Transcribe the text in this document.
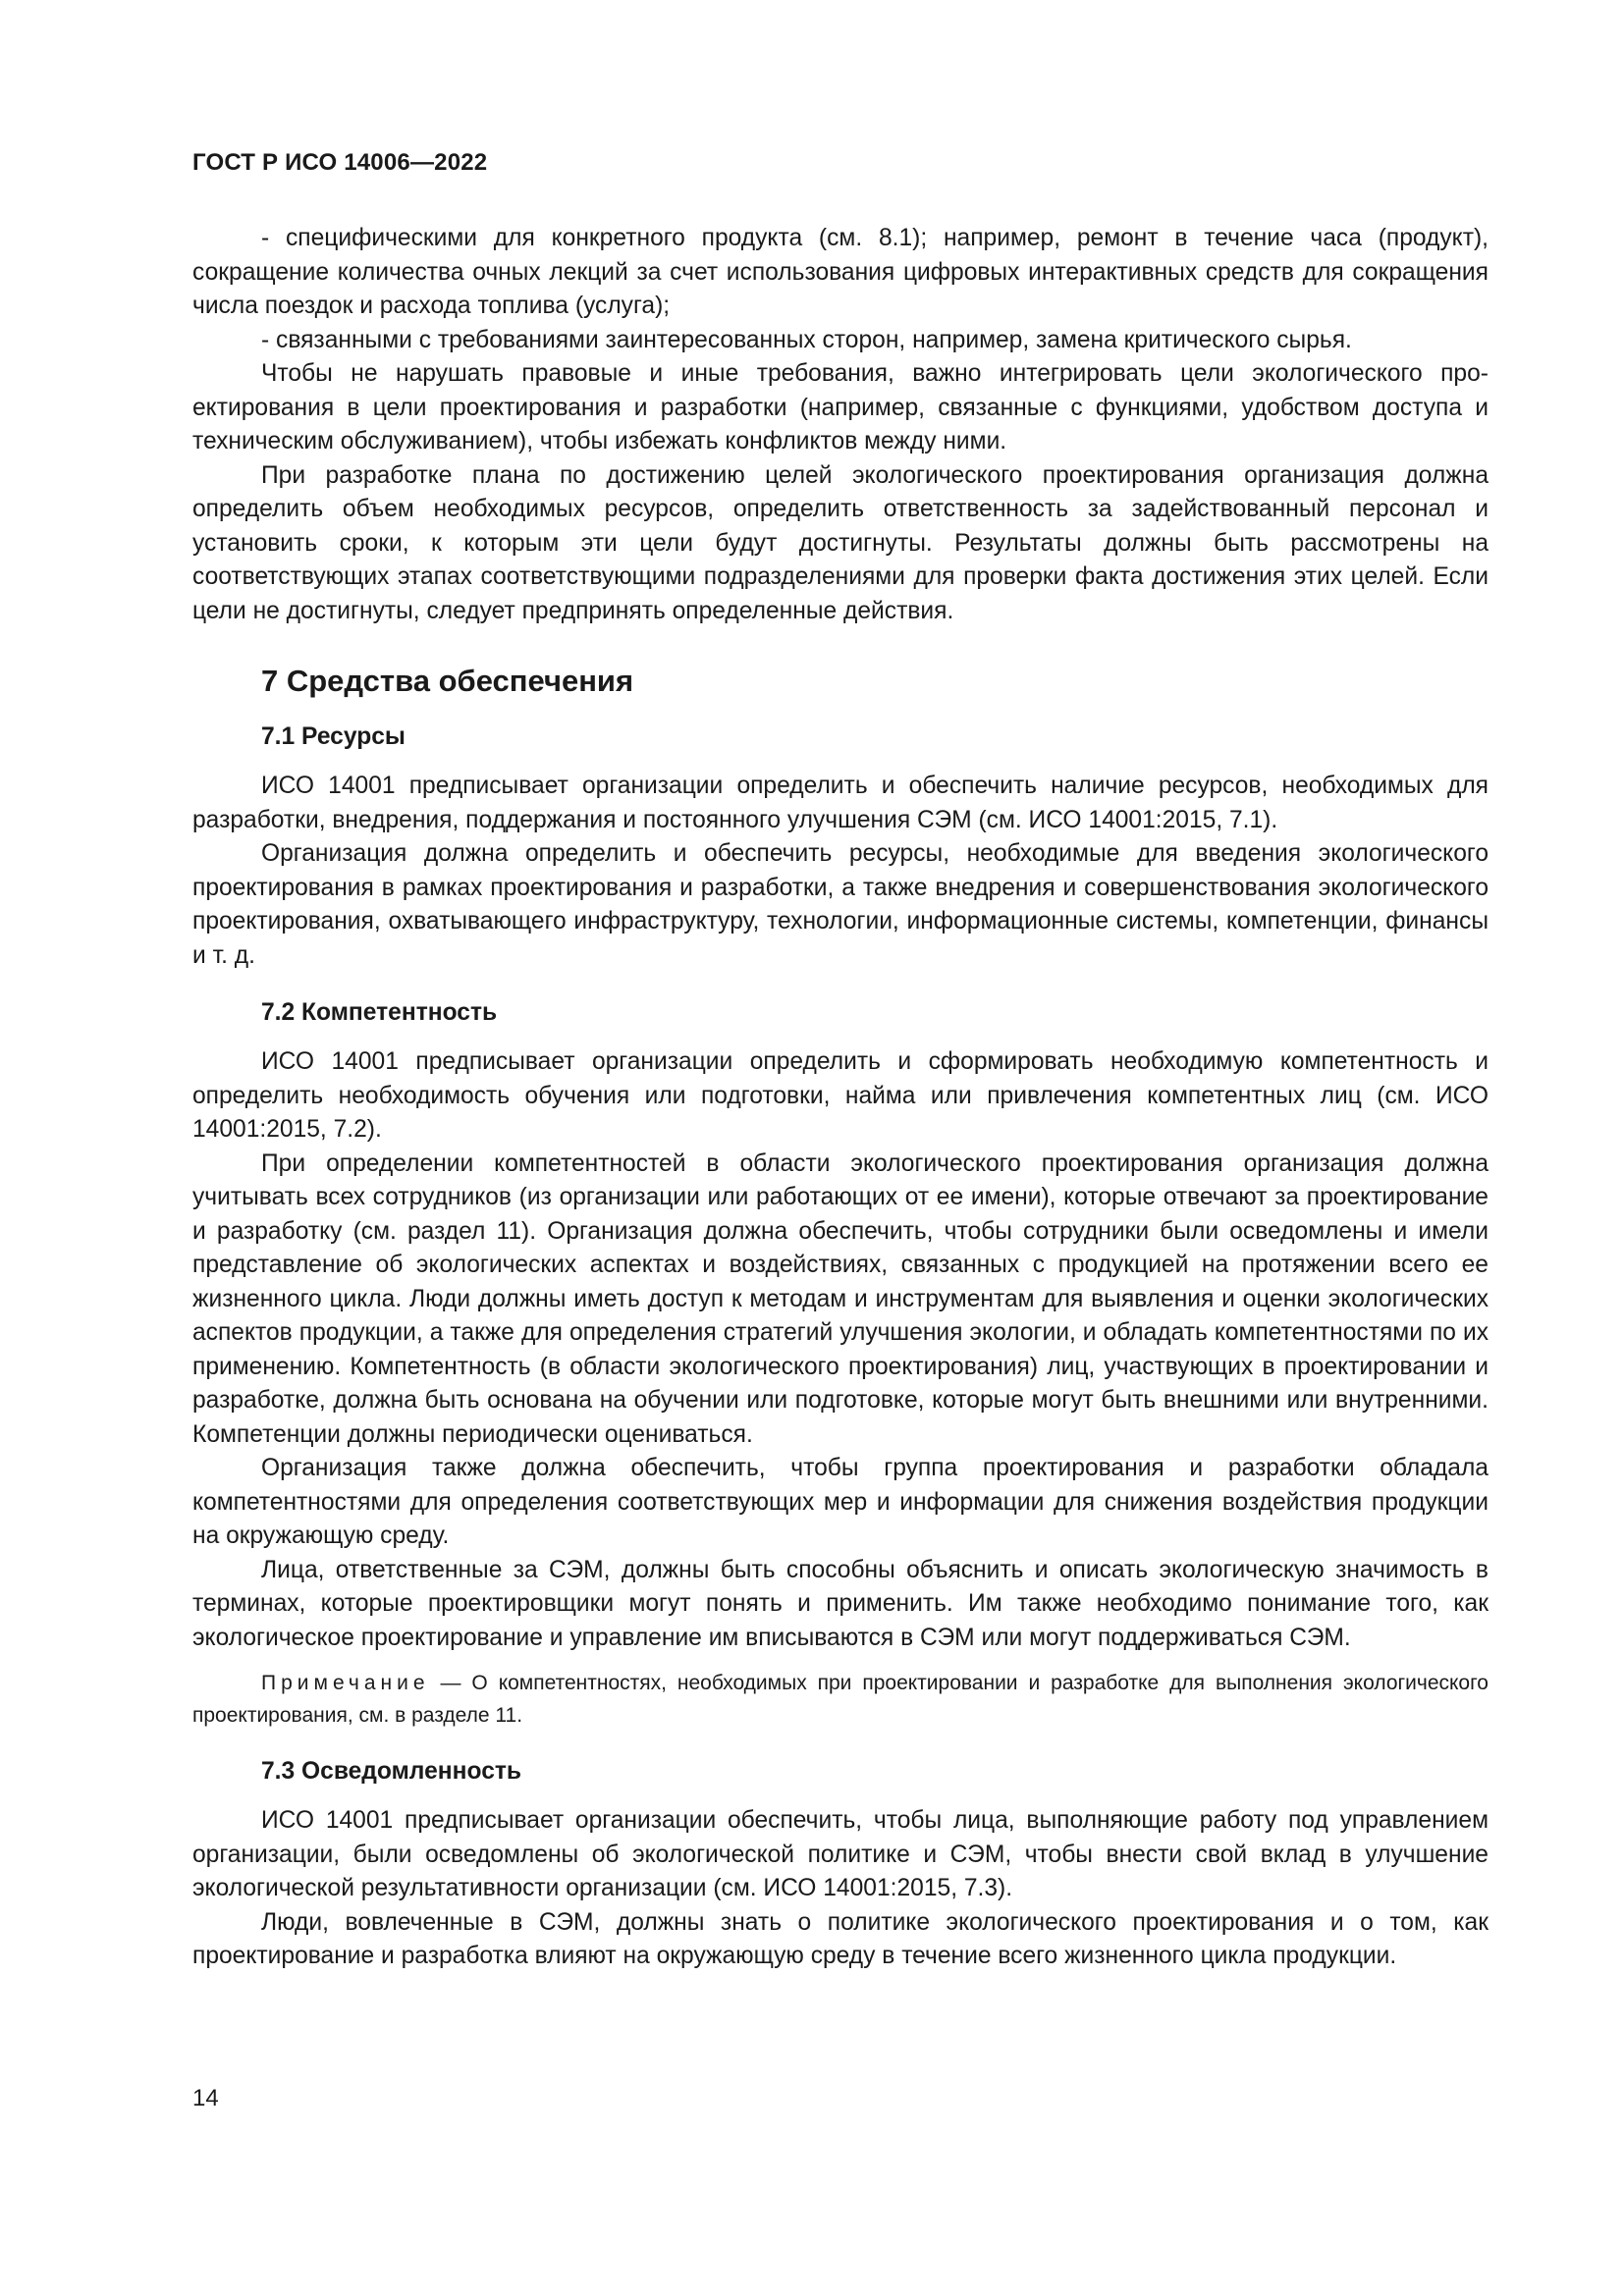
ГОСТ Р ИСО 14006—2022

- специфическими для конкретного продукта (см. 8.1); например, ремонт в течение часа (продукт), сокращение количества очных лекций за счет использования цифровых интерактивных средств для сокращения числа поездок и расхода топлива (услуга);

- связанными с требованиями заинтересованных сторон, например, замена критического сырья.

Чтобы не нарушать правовые и иные требования, важно интегрировать цели экологического проектирования в цели проектирования и разработки (например, связанные с функциями, удобством доступа и техническим обслуживанием), чтобы избежать конфликтов между ними.

При разработке плана по достижению целей экологического проектирования организация должна определить объем необходимых ресурсов, определить ответственность за задействованный персонал и установить сроки, к которым эти цели будут достигнуты. Результаты должны быть рассмотрены на соответствующих этапах соответствующими подразделениями для проверки факта достижения этих целей. Если цели не достигнуты, следует предпринять определенные действия.

7 Средства обеспечения
7.1 Ресурсы

ИСО 14001 предписывает организации определить и обеспечить наличие ресурсов, необходимых для разработки, внедрения, поддержания и постоянного улучшения СЭМ (см. ИСО 14001:2015, 7.1).

Организация должна определить и обеспечить ресурсы, необходимые для введения экологического проектирования в рамках проектирования и разработки, а также внедрения и совершенствования экологического проектирования, охватывающего инфраструктуру, технологии, информационные системы, компетенции, финансы и т. д.

7.2 Компетентность

ИСО 14001 предписывает организации определить и сформировать необходимую компетентность и определить необходимость обучения или подготовки, найма или привлечения компетентных лиц (см. ИСО 14001:2015, 7.2).

При определении компетентностей в области экологического проектирования организация должна учитывать всех сотрудников (из организации или работающих от ее имени), которые отвечают за проектирование и разработку (см. раздел 11). Организация должна обеспечить, чтобы сотрудники были осведомлены и имели представление об экологических аспектах и воздействиях, связанных с продукцией на протяжении всего ее жизненного цикла. Люди должны иметь доступ к методам и инструментам для выявления и оценки экологических аспектов продукции, а также для определения стратегий улучшения экологии, и обладать компетентностями по их применению. Компетентность (в области экологического проектирования) лиц, участвующих в проектировании и разработке, должна быть основана на обучении или подготовке, которые могут быть внешними или внутренними. Компетенции должны периодически оцениваться.

Организация также должна обеспечить, чтобы группа проектирования и разработки обладала компетентностями для определения соответствующих мер и информации для снижения воздействия продукции на окружающую среду.

Лица, ответственные за СЭМ, должны быть способны объяснить и описать экологическую значимость в терминах, которые проектировщики могут понять и применить. Им также необходимо понимание того, как экологическое проектирование и управление им вписываются в СЭМ или могут поддерживаться СЭМ.

Примечание — О компетентностях, необходимых при проектировании и разработке для выполнения экологического проектирования, см. в разделе 11.

7.3 Осведомленность

ИСО 14001 предписывает организации обеспечить, чтобы лица, выполняющие работу под управлением организации, были осведомлены об экологической политике и СЭМ, чтобы внести свой вклад в улучшение экологической результативности организации (см. ИСО 14001:2015, 7.3).

Люди, вовлеченные в СЭМ, должны знать о политике экологического проектирования и о том, как проектирование и разработка влияют на окружающую среду в течение всего жизненного цикла продукции.

14
